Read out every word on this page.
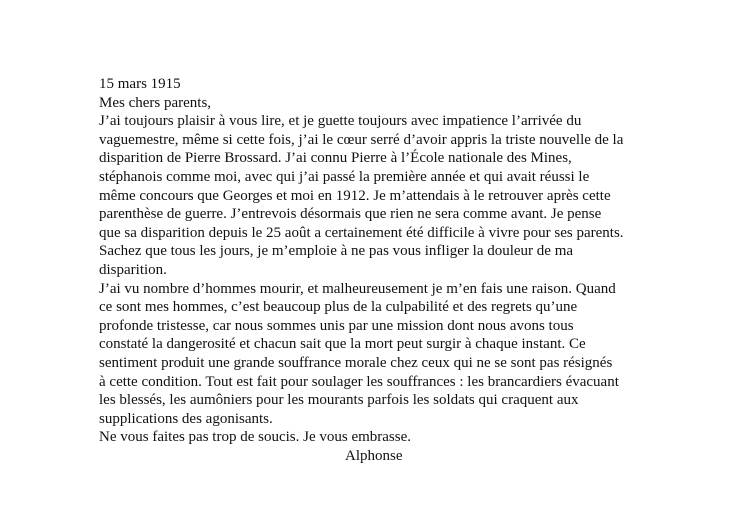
15 mars 1915
Mes chers parents,
J’ai toujours plaisir à vous lire, et je guette toujours avec impatience l’arrivée du
vaguemestre, même si cette fois, j’ai le cœur serré d’avoir appris la triste nouvelle de la
disparition de Pierre Brossard. J’ai connu Pierre à l’École nationale des Mines,
stéphanois comme moi, avec qui j’ai passé la première année et qui avait réussi le
même concours que Georges et moi en 1912. Je m’attendais à le retrouver après cette
parenthèse de guerre. J’entrevois désormais que rien ne sera comme avant. Je pense
que sa disparition depuis le 25 août a certainement été difficile à vivre pour ses parents.
Sachez que tous les jours, je m’emploie à ne pas vous infliger la douleur de ma
disparition.
J’ai vu nombre d’hommes mourir, et malheureusement je m’en fais une raison. Quand
ce sont mes hommes, c’est beaucoup plus de la culpabilité et des regrets qu’une
profonde tristesse, car nous sommes unis par une mission dont nous avons tous
constaté la dangerosité et chacun sait que la mort peut surgir à chaque instant. Ce
sentiment produit une grande souffrance morale chez ceux qui ne se sont pas résignés
à cette condition. Tout est fait pour soulager les souffrances : les brancardiers évacuant
les blessés, les aumôniers pour les mourants parfois les soldats qui craquent aux
supplications des agonisants.
Ne vous faites pas trop de soucis. Je vous embrasse.
Alphonse
